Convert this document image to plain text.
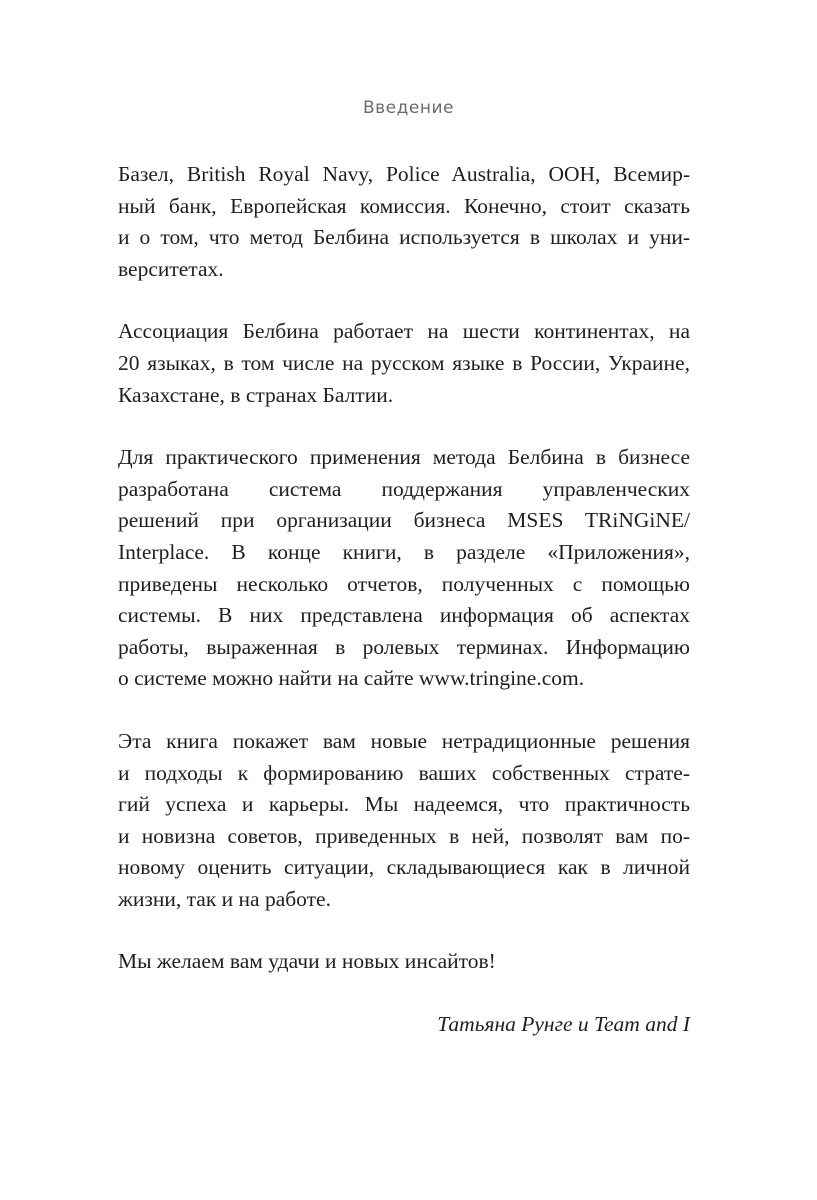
Введение

Базел, British Royal Navy, Police Australia, ООН, Всемир-
ный банк, Европейская комиссия. Конечно, стоит сказать
и о том, что метод Белбина используется в школах и уни-
верситетах.

Ассоциация Белбина работает на шести континентах, на
20 языках, в том числе на русском языке в России, Украине,
Казахстане, в странах Балтии.

Для практического применения метода Белбина в бизнесе
разработана система поддержания управленческих
решений при организации бизнеса MSES TRiNGiNE/
Interplace. В конце книги, в разделе «Приложения»,
приведены несколько отчетов, полученных с помощью
системы. В них представлена информация об аспектах
работы, выраженная в ролевых терминах. Информацию
о системе можно найти на сайте www.tringine.com.

Эта книга покажет вам новые нетрадиционные решения
и подходы к формированию ваших собственных страте-
гий успеха и карьеры. Мы надеемся, что практичность
и новизна советов, приведенных в ней, позволят вам по-
новому оценить ситуации, складывающиеся как в личной
жизни, так и на работе.

Мы желаем вам удачи и новых инсайтов!

Татьяна Рунге и Team and I
